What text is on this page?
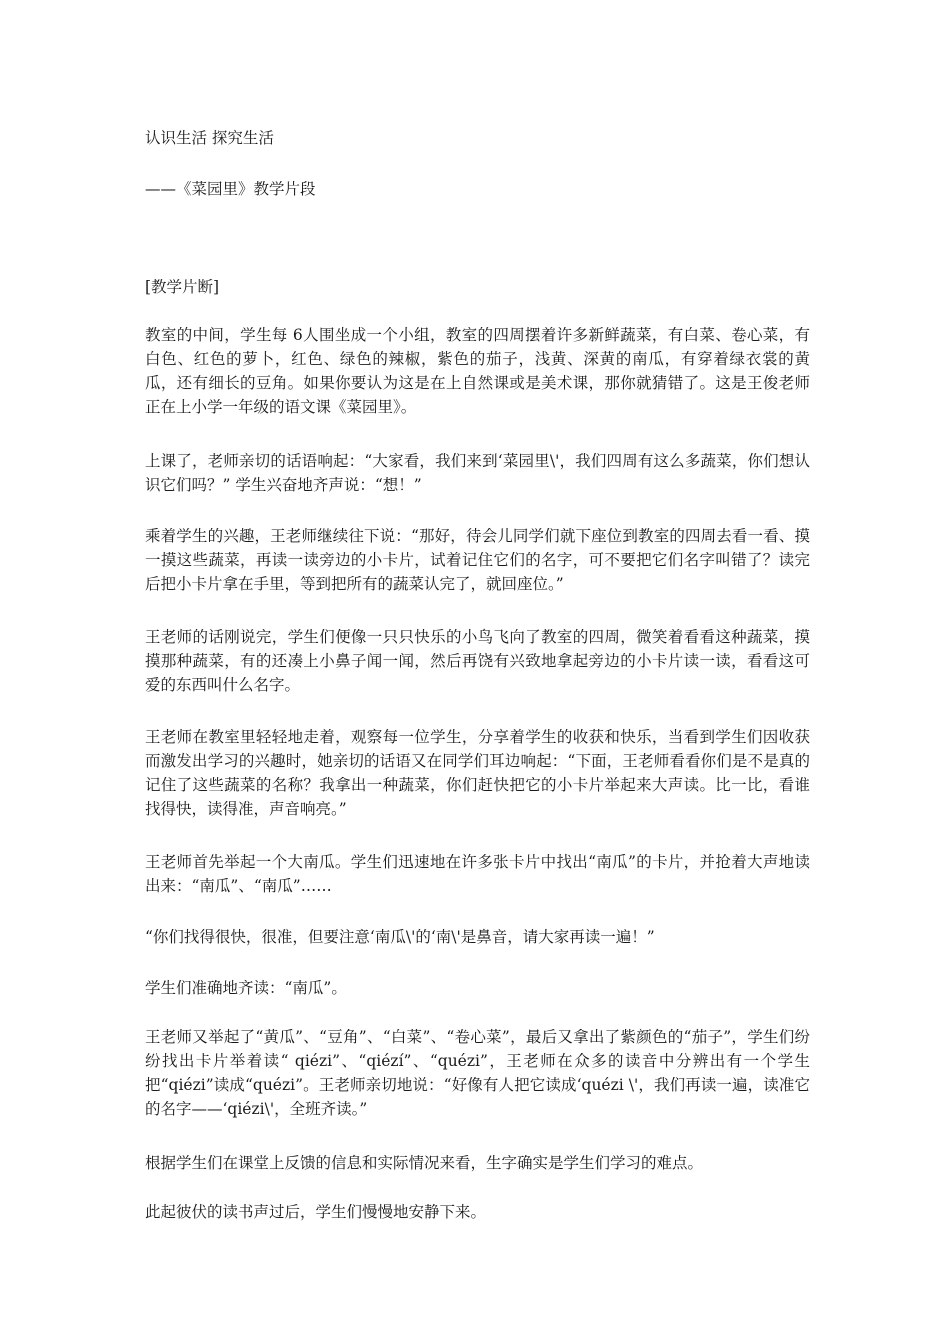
认识生活 探究生活

——《菜园里》教学片段

[教学片断]

教室的中间，学生每 6人围坐成一个小组，教室的四周摆着许多新鲜蔬菜，有白菜、卷心菜，有白色、红色的萝卜，红色、绿色的辣椒，紫色的茄子，浅黄、深黄的南瓜，有穿着绿衣裳的黄瓜，还有细长的豆角。如果你要认为这是在上自然课或是美术课，那你就猜错了。这是王俊老师正在上小学一年级的语文课《菜园里》。

上课了，老师亲切的话语响起：“大家看，我们来到‘菜园里\'，我们四周有这么多蔬菜，你们想认识它们吗？” 学生兴奋地齐声说：“想！”

乘着学生的兴趣，王老师继续往下说：“那好，待会儿同学们就下座位到教室的四周去看一看、摸一摸这些蔬菜，再读一读旁边的小卡片，试着记住它们的名字，可不要把它们名字叫错了？读完后把小卡片拿在手里，等到把所有的蔬菜认完了，就回座位。”

王老师的话刚说完，学生们便像一只只快乐的小鸟飞向了教室的四周，微笑着看看这种蔬菜，摸摸那种蔬菜，有的还凑上小鼻子闻一闻，然后再饶有兴致地拿起旁边的小卡片读一读，看看这可爱的东西叫什么名字。

王老师在教室里轻轻地走着，观察每一位学生，分享着学生的收获和快乐，当看到学生们因收获而激发出学习的兴趣时，她亲切的话语又在同学们耳边响起：“下面，王老师看看你们是不是真的记住了这些蔬菜的名称？我拿出一种蔬菜，你们赶快把它的小卡片举起来大声读。比一比，看谁找得快，读得准，声音响亮。”

王老师首先举起一个大南瓜。学生们迅速地在许多张卡片中找出“南瓜”的卡片，并抢着大声地读出来：“南瓜”、“南瓜”……

“你们找得很快，很准，但要注意‘南瓜\'的‘南\'是鼻音，请大家再读一遍！”

学生们准确地齐读：“南瓜”。

王老师又举起了“黄瓜”、“豆角”、“白菜”、“卷心菜”，最后又拿出了紫颜色的“茄子”，学生们纷纷找出卡片举着读“ qiézi”、“qiézí”、“quézi”，王老师在众多的读音中分辨出有一个学生把“qiézi”读成“quézi”。王老师亲切地说：“好像有人把它读成‘quézi \'，我们再读一遍，读准它的名字——‘qiézi\'，全班齐读。”

根据学生们在课堂上反馈的信息和实际情况来看，生字确实是学生们学习的难点。

此起彼伏的读书声过后，学生们慢慢地安静下来。
